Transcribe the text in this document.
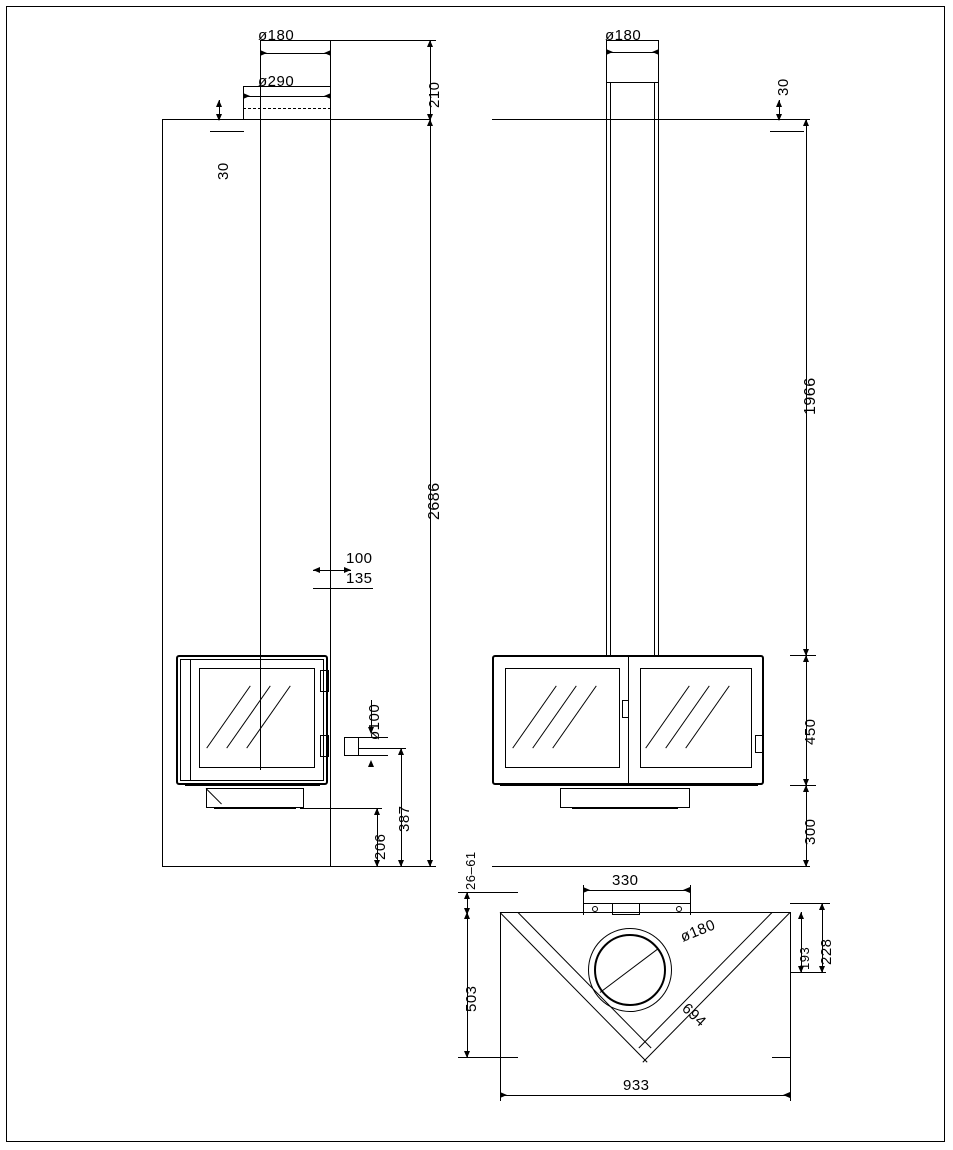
ø180
ø290	210
30
2686
100
135
ø100
387
206
ø180
30
1966
450
300
ø180
330
26–61
503
193 228
694
933
